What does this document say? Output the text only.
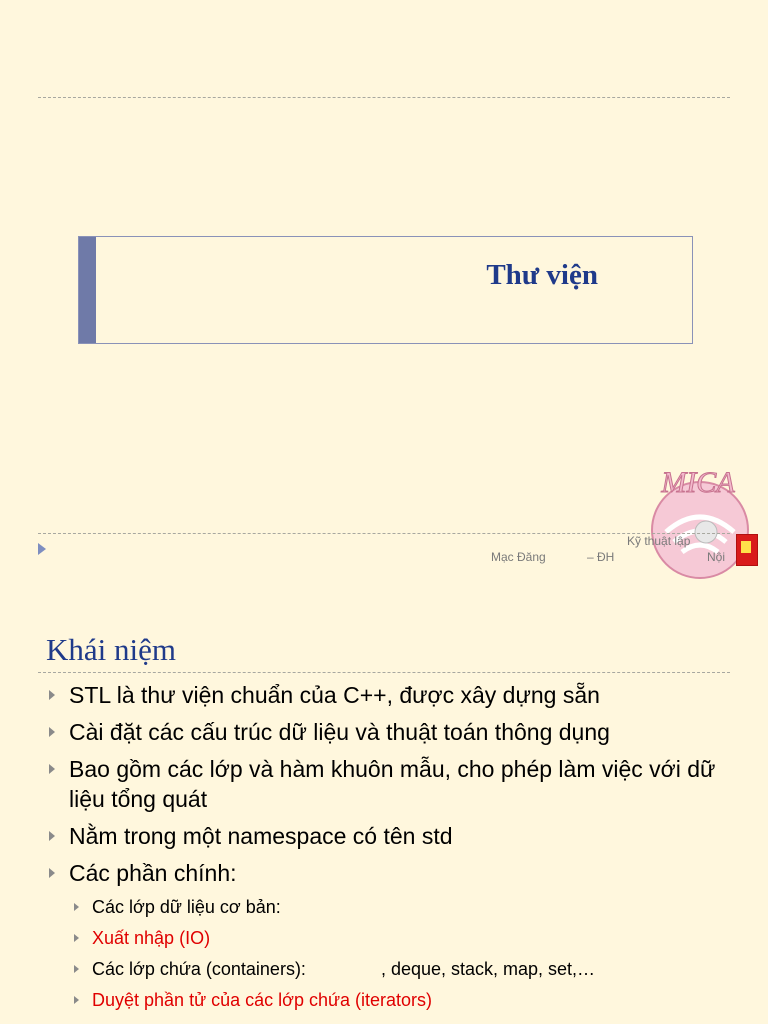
Thư viện
MICA
Mạc Đăng	– ĐH
Kỹ thuật lập
Nội
Khái niệm
STL là thư viện chuẩn của C++, được xây dựng sẵn
Cài đặt các cấu trúc dữ liệu và thuật toán thông dụng
Bao gồm các lớp và hàm khuôn mẫu, cho phép làm việc với dữ liệu tổng quát
Nằm trong một namespace có tên std
Các phần chính:
Các lớp dữ liệu cơ bản:
Xuất nhập (IO)
Các lớp chứa (containers):               , deque, stack, map, set,…
Duyệt phần tử của các lớp chứa (iterators)
